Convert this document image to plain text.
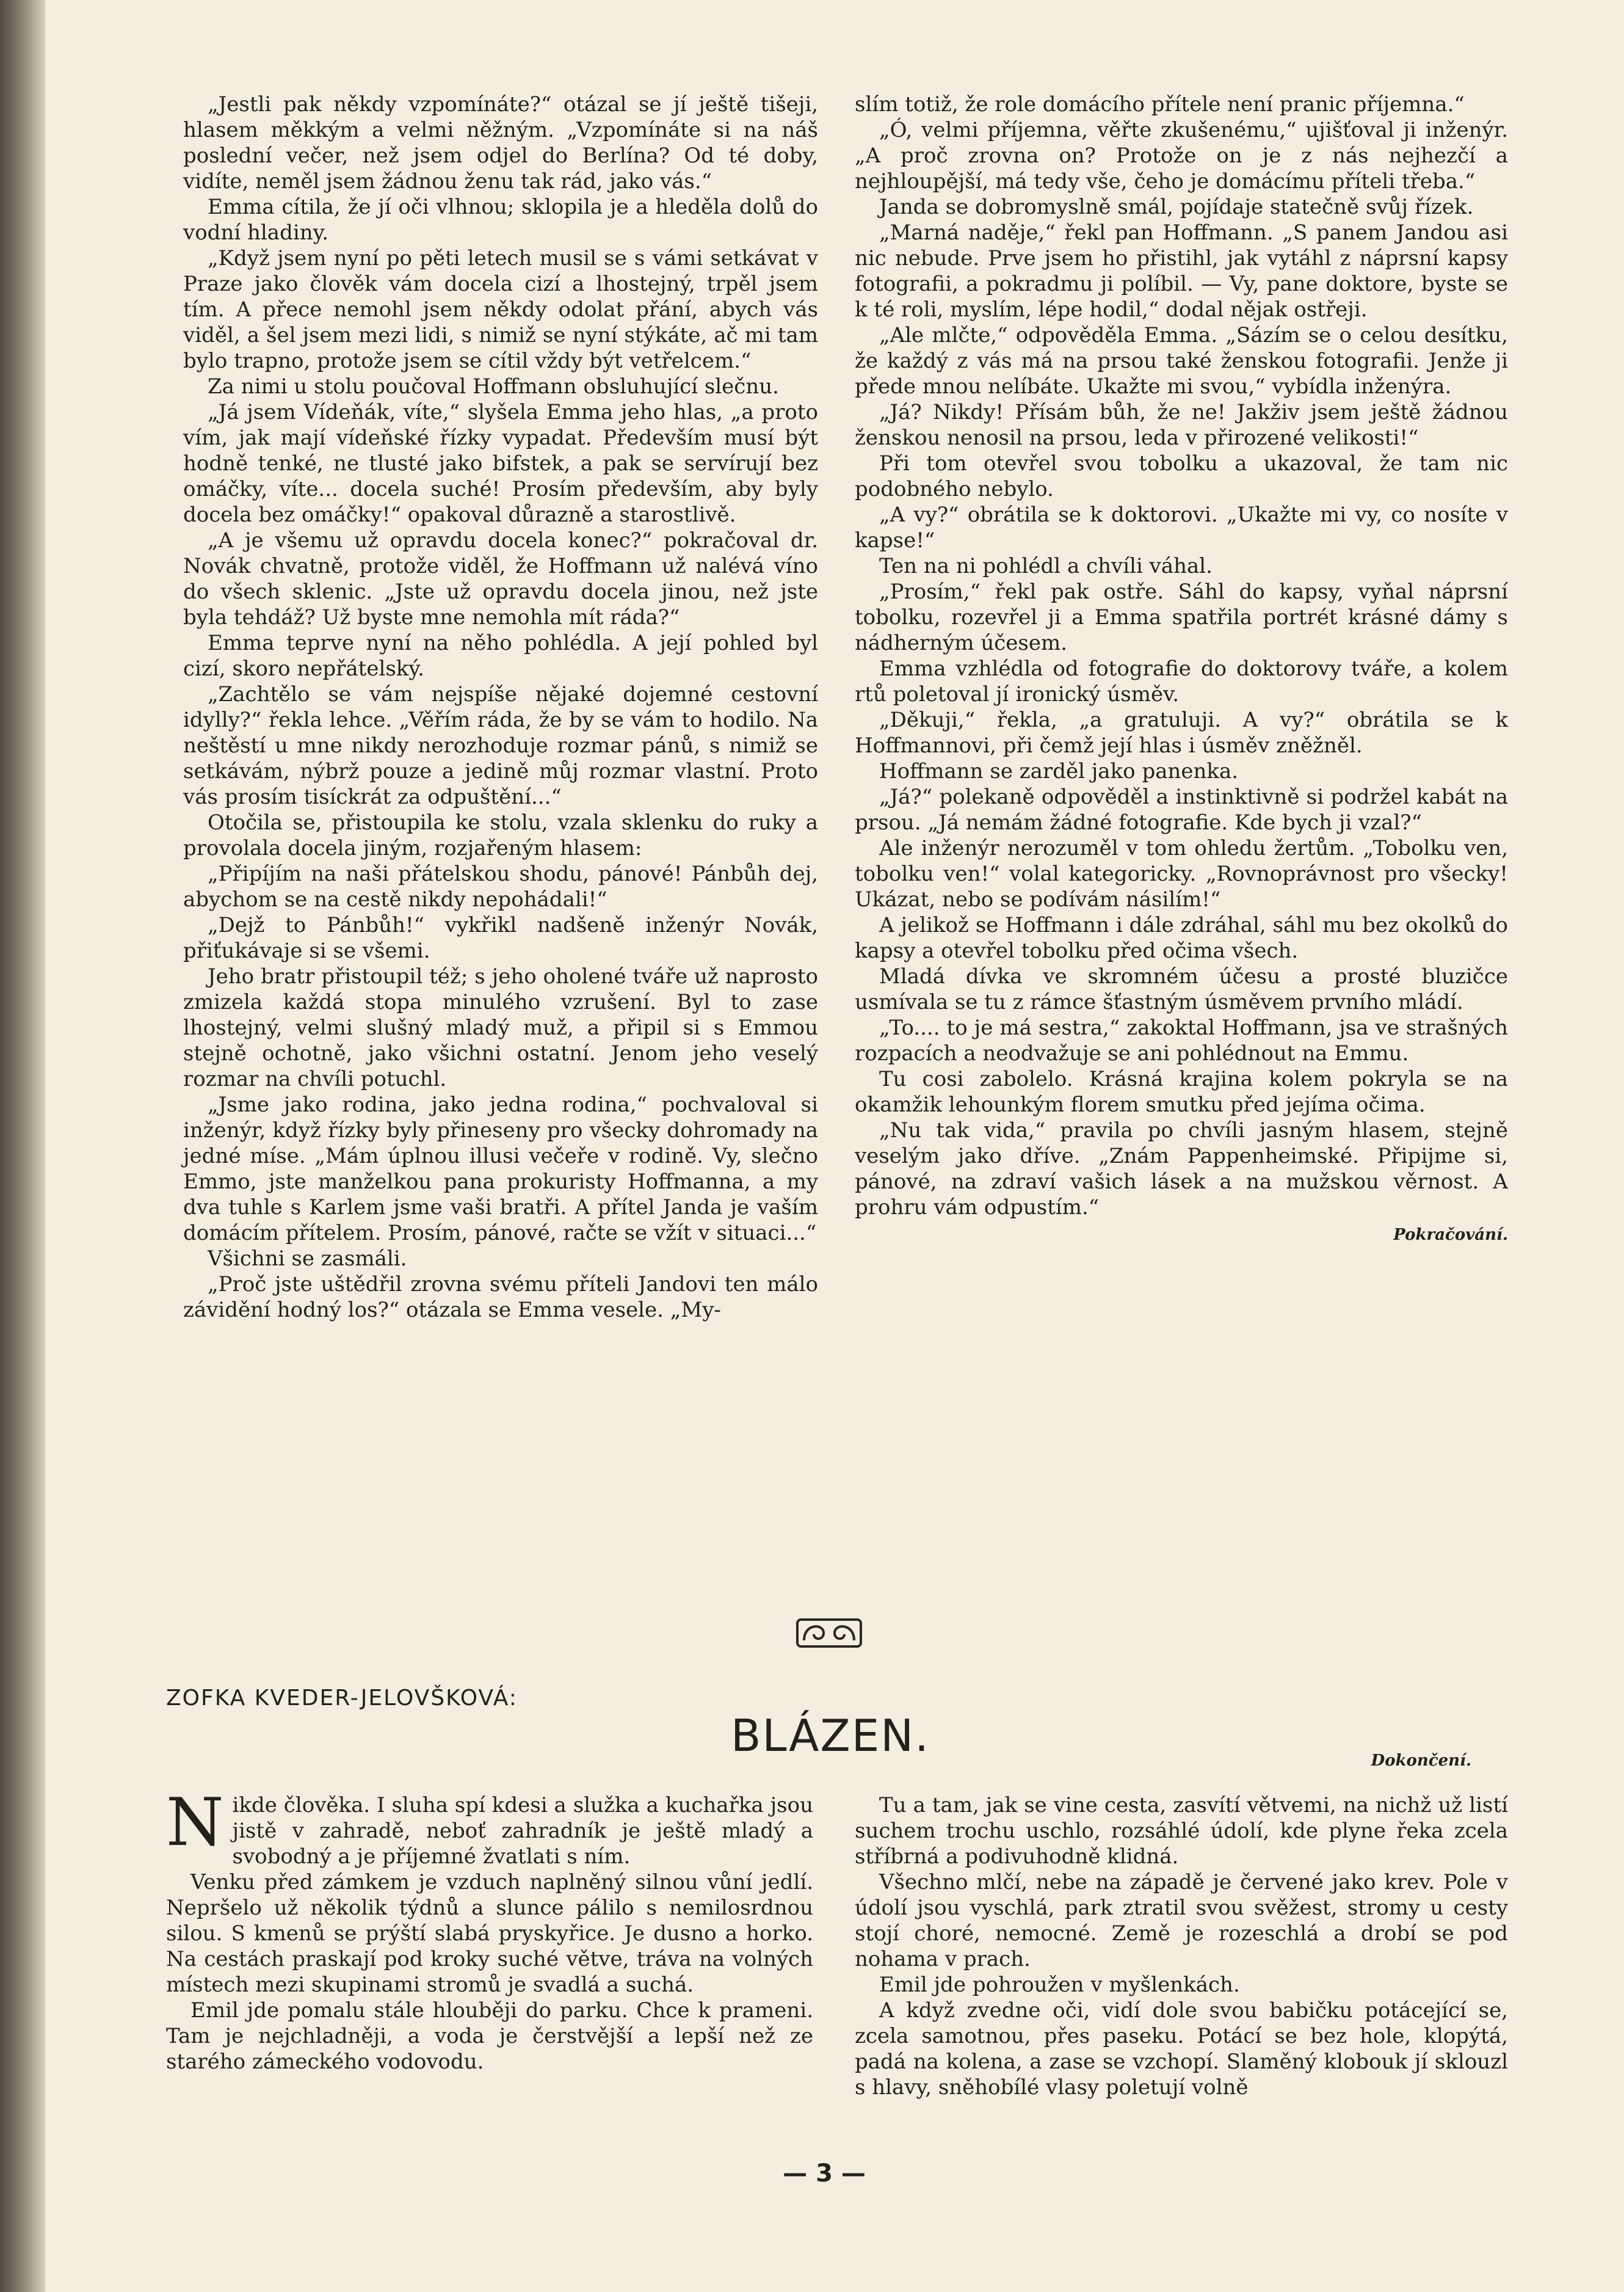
„Jestli pak někdy vzpomínáte?“ otázal se jí ještě tišeji, hlasem měkkým a velmi něžným. „Vzpomínáte si na náš poslední večer, než jsem odjel do Berlína? Od té doby, vidíte, neměl jsem žádnou ženu tak rád, jako vás.“

Emma cítila, že jí oči vlhnou; sklopila je a hleděla dolů do vodní hladiny.

„Když jsem nyní po pěti letech musil se s vámi setkávat v Praze jako člověk vám docela cizí a lhostejný, trpěl jsem tím. A přece nemohl jsem někdy odolat přání, abych vás viděl, a šel jsem mezi lidi, s nimiž se nyní stýkáte, ač mi tam bylo trapno, protože jsem se cítil vždy být vetřelcem.“

Za nimi u stolu poučoval Hoffmann obsluhující slečnu.

„Já jsem Vídeňák, víte,“ slyšela Emma jeho hlas, „a proto vím, jak mají vídeňské řízky vypadat. Především musí být hodně tenké, ne tlusté jako bifstek, a pak se servírují bez omáčky, víte... docela suché! Prosím především, aby byly docela bez omáčky!“ opakoval důrazně a starostlivě.

„A je všemu už opravdu docela konec?“ pokračoval dr. Novák chvatně, protože viděl, že Hoffmann už nalévá víno do všech sklenic. „Jste už opravdu docela jinou, než jste byla tehdáž? Už byste mne nemohla mít ráda?“

Emma teprve nyní na něho pohlédla. A její pohled byl cizí, skoro nepřátelský.

„Zachtělo se vám nejspíše nějaké dojemné cestovní idylly?“ řekla lehce. „Věřím ráda, že by se vám to hodilo. Na neštěstí u mne nikdy nerozhoduje rozmar pánů, s nimiž se setkávám, nýbrž pouze a jedině můj rozmar vlastní. Proto vás prosím tisíckrát za odpuštění...“

Otočila se, přistoupila ke stolu, vzala sklenku do ruky a provolala docela jiným, rozjařeným hlasem:

„Připíjím na naši přátelskou shodu, pánové! Pánbůh dej, abychom se na cestě nikdy nepohádali!“

„Dejž to Pánbůh!“ vykřikl nadšeně inženýr Novák, přiťukávaje si se všemi.

Jeho bratr přistoupil též; s jeho oholené tváře už naprosto zmizela každá stopa minulého vzrušení. Byl to zase lhostejný, velmi slušný mladý muž, a připil si s Emmou stejně ochotně, jako všichni ostatní. Jenom jeho veselý rozmar na chvíli potuchl.

„Jsme jako rodina, jako jedna rodina,“ pochvaloval si inženýr, když řízky byly přineseny pro všecky dohromady na jedné míse. „Mám úplnou illusi večeře v rodině. Vy, slečno Emmo, jste manželkou pana prokuristy Hoffmanna, a my dva tuhle s Karlem jsme vaši bratři. A přítel Janda je vaším domácím přítelem. Prosím, pánové, račte se vžít v situaci...“

Všichni se zasmáli.

„Proč jste uštědřil zrovna svému příteli Jandovi ten málo závidění hodný los?“ otázala se Emma vesele. „My-

slím totiž, že role domácího přítele není pranic příjemna.“

„Ó, velmi příjemna, věřte zkušenému,“ ujišťoval ji inženýr. „A proč zrovna on? Protože on je z nás nejhezčí a nejhloupější, má tedy vše, čeho je domácímu příteli třeba.“

Janda se dobromyslně smál, pojídaje statečně svůj řízek.

„Marná naděje,“ řekl pan Hoffmann. „S panem Jandou asi nic nebude. Prve jsem ho přistihl, jak vytáhl z náprsní kapsy fotografii, a pokradmu ji políbil. — Vy, pane doktore, byste se k té roli, myslím, lépe hodil,“ dodal nějak ostřeji.

„Ale mlčte,“ odpověděla Emma. „Sázím se o celou desítku, že každý z vás má na prsou také ženskou fotografii. Jenže ji přede mnou nelíbáte. Ukažte mi svou,“ vybídla inženýra.

„Já? Nikdy! Přísám bůh, že ne! Jakživ jsem ještě žádnou ženskou nenosil na prsou, leda v přirozené velikosti!“

Při tom otevřel svou tobolku a ukazoval, že tam nic podobného nebylo.

„A vy?“ obrátila se k doktorovi. „Ukažte mi vy, co nosíte v kapse!“

Ten na ni pohlédl a chvíli váhal.

„Prosím,“ řekl pak ostře. Sáhl do kapsy, vyňal náprsní tobolku, rozevřel ji a Emma spatřila portrét krásné dámy s nádherným účesem.

Emma vzhlédla od fotografie do doktorovy tváře, a kolem rtů poletoval jí ironický úsměv.

„Děkuji,“ řekla, „a gratuluji. A vy?“ obrátila se k Hoffmannovi, při čemž její hlas i úsměv zněžněl.

Hoffmann se zarděl jako panenka.

„Já?“ polekaně odpověděl a instinktivně si podržel kabát na prsou. „Já nemám žádné fotografie. Kde bych ji vzal?“

Ale inženýr nerozuměl v tom ohledu žertům. „Tobolku ven, tobolku ven!“ volal kategoricky. „Rovnoprávnost pro všecky! Ukázat, nebo se podívám násilím!“

A jelikož se Hoffmann i dále zdráhal, sáhl mu bez okolků do kapsy a otevřel tobolku před očima všech.

Mladá dívka ve skromném účesu a prosté bluzičce usmívala se tu z rámce šťastným úsměvem prvního mládí.

„To.... to je má sestra,“ zakoktal Hoffmann, jsa ve strašných rozpacích a neodvažuje se ani pohlédnout na Emmu.

Tu cosi zabolelo. Krásná krajina kolem pokryla se na okamžik lehounkým florem smutku před jejíma očima.

„Nu tak vida,“ pravila po chvíli jasným hlasem, stejně veselým jako dříve. „Znám Pappenheimské. Připijme si, pánové, na zdraví vašich lásek a na mužskou věrnost. A prohru vám odpustím.“

Pokračování.
ZOFKA KVEDER-JELOVŠKOVÁ:
BLÁZEN.	Dokončení.

Nikde člověka. I sluha spí kdesi a služka a kuchařka jsou jistě v zahradě, neboť zahradník je ještě mladý a svobodný a je příjemné žvatlati s ním.

Venku před zámkem je vzduch naplněný silnou vůní jedlí. Nepršelo už několik týdnů a slunce pálilo s nemilosrdnou silou. S kmenů se prýští slabá pryskyřice. Je dusno a horko. Na cestách praskají pod kroky suché větve, tráva na volných místech mezi skupinami stromů je svadlá a suchá.

Emil jde pomalu stále hlouběji do parku. Chce k prameni. Tam je nejchladněji, a voda je čerstvější a lepší než ze starého zámeckého vodovodu.

Tu a tam, jak se vine cesta, zasvítí větvemi, na nichž už listí suchem trochu uschlo, rozsáhlé údolí, kde plyne řeka zcela stříbrná a podivuhodně klidná.

Všechno mlčí, nebe na západě je červené jako krev. Pole v údolí jsou vyschlá, park ztratil svou svěžest, stromy u cesty stojí choré, nemocné. Země je rozeschlá a drobí se pod nohama v prach.

Emil jde pohroužen v myšlenkách.

A když zvedne oči, vidí dole svou babičku potácející se, zcela samotnou, přes paseku. Potácí se bez hole, klopýtá, padá na kolena, a zase se vzchopí. Slaměný klobouk jí sklouzl s hlavy, sněhobílé vlasy poletují volně

— 3 —
